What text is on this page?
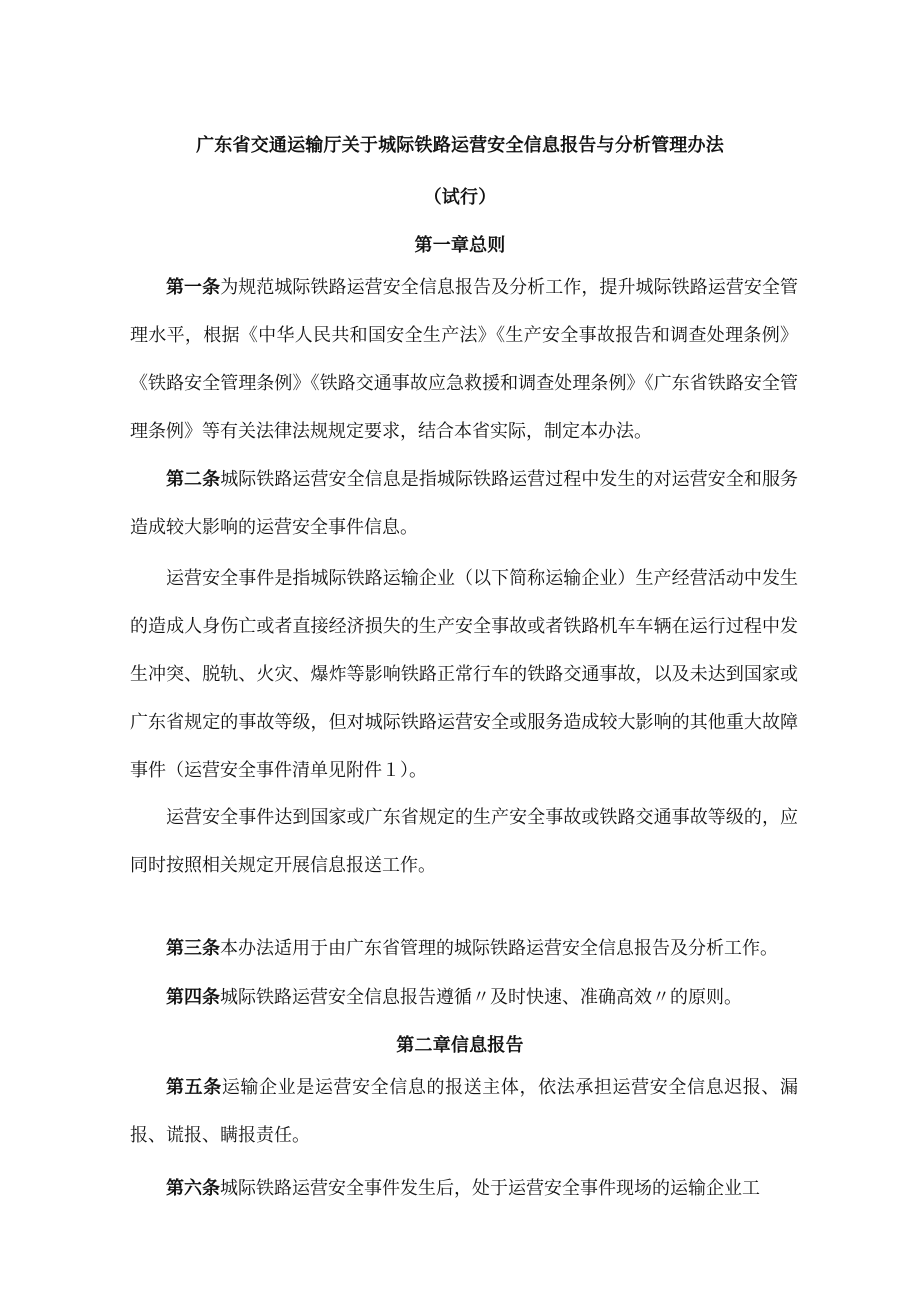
广东省交通运输厅关于城际铁路运营安全信息报告与分析管理办法
（试行）
第一章总则

第一条为规范城际铁路运营安全信息报告及分析工作，提升城际铁路运营安全管理水平，根据《中华人民共和国安全生产法》《生产安全事故报告和调查处理条例》《铁路安全管理条例》《铁路交通事故应急救援和调查处理条例》《广东省铁路安全管理条例》等有关法律法规规定要求，结合本省实际，制定本办法。

第二条城际铁路运营安全信息是指城际铁路运营过程中发生的对运营安全和服务造成较大影响的运营安全事件信息。

运营安全事件是指城际铁路运输企业（以下简称运输企业）生产经营活动中发生的造成人身伤亡或者直接经济损失的生产安全事故或者铁路机车车辆在运行过程中发生冲突、脱轨、火灾、爆炸等影响铁路正常行车的铁路交通事故，以及未达到国家或广东省规定的事故等级，但对城际铁路运营安全或服务造成较大影响的其他重大故障事件（运营安全事件清单见附件１）。

运营安全事件达到国家或广东省规定的生产安全事故或铁路交通事故等级的，应同时按照相关规定开展信息报送工作。

第三条本办法适用于由广东省管理的城际铁路运营安全信息报告及分析工作。

第四条城际铁路运营安全信息报告遵循〃及时快速、准确高效〃的原则。

第二章信息报告

第五条运输企业是运营安全信息的报送主体，依法承担运营安全信息迟报、漏报、谎报、瞒报责任。

第六条城际铁路运营安全事件发生后，处于运营安全事件现场的运输企业工
